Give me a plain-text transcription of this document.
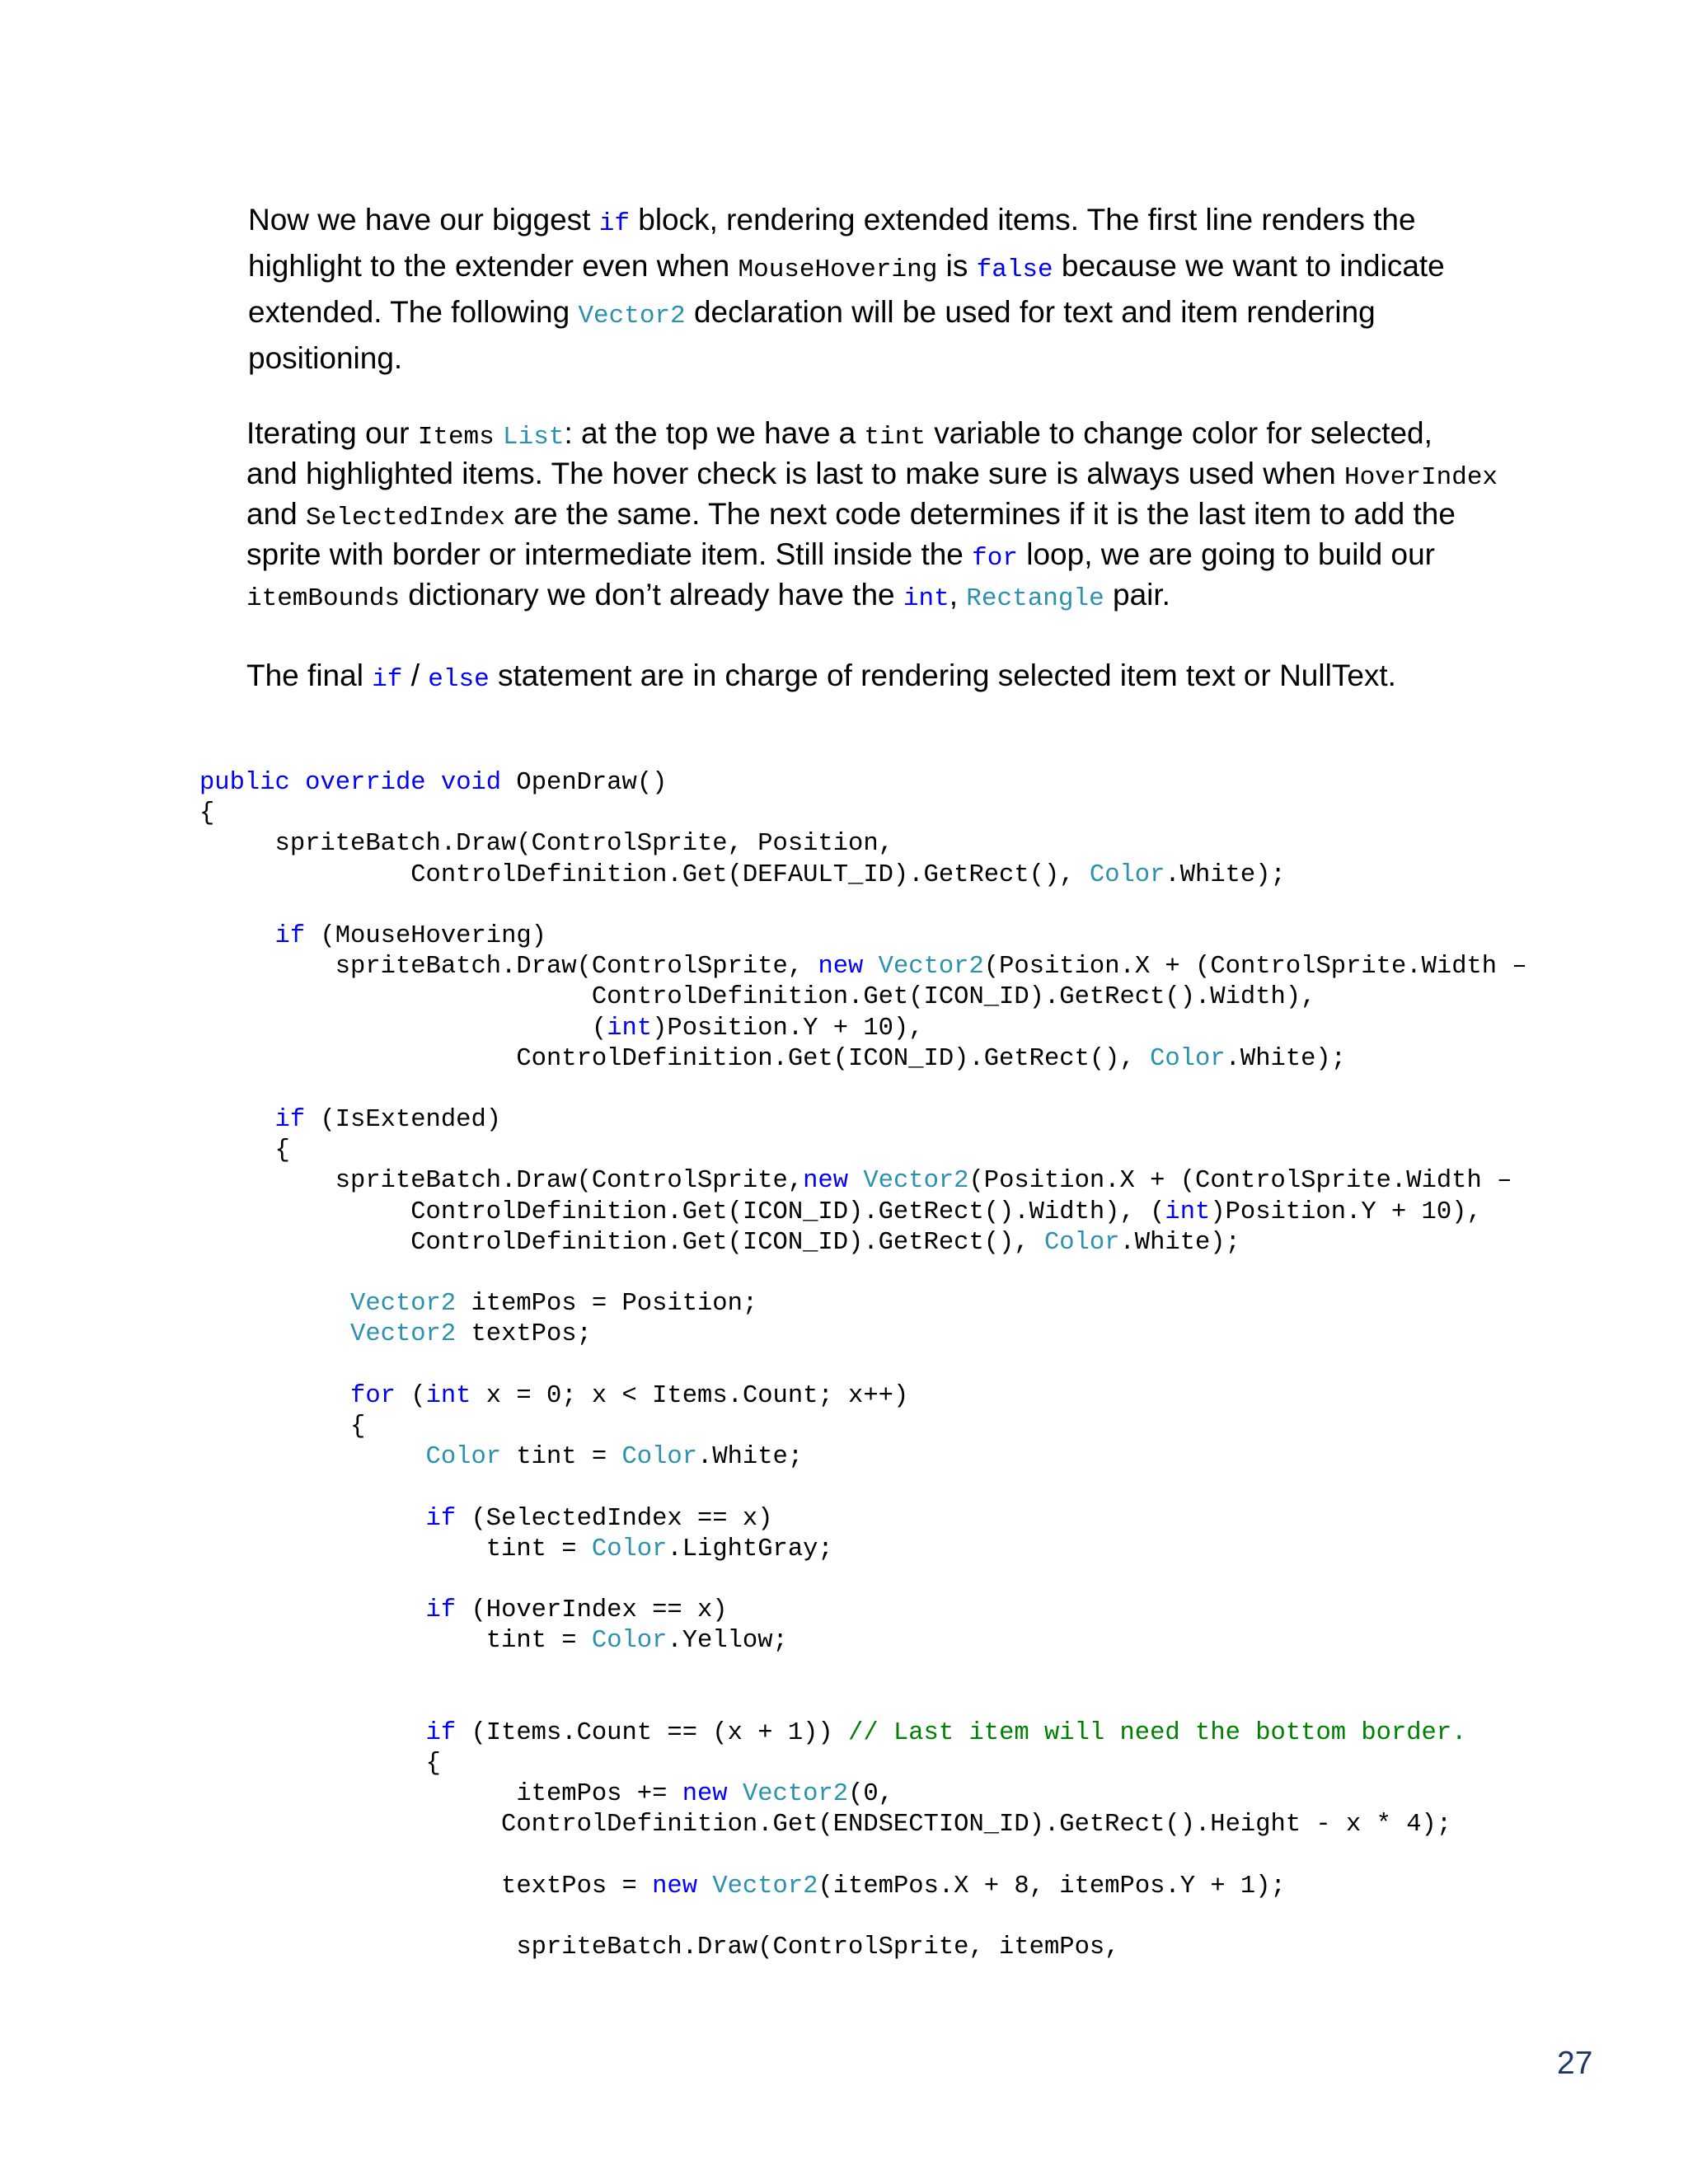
Now we have our biggest if block, rendering extended items. The first line renders the
highlight to the extender even when MouseHovering is false because we want to indicate
extended. The following Vector2 declaration will be used for text and item rendering
positioning.
Iterating our Items List: at the top we have a tint variable to change color for selected,
and highlighted items. The hover check is last to make sure is always used when HoverIndex
and SelectedIndex are the same. The next code determines if it is the last item to add the
sprite with border or intermediate item. Still inside the for loop, we are going to build our
itemBounds dictionary we don’t already have the int, Rectangle pair.
The final if / else statement are in charge of rendering selected item text or NullText.
public override void OpenDraw()
{
spriteBatch.Draw(ControlSprite, Position,
ControlDefinition.Get(DEFAULT_ID).GetRect(), Color.White);

if (MouseHovering)
spriteBatch.Draw(ControlSprite, new Vector2(Position.X + (ControlSprite.Width –
ControlDefinition.Get(ICON_ID).GetRect().Width),
(int)Position.Y + 10),
ControlDefinition.Get(ICON_ID).GetRect(), Color.White);

if (IsExtended)
{
spriteBatch.Draw(ControlSprite,new Vector2(Position.X + (ControlSprite.Width –
ControlDefinition.Get(ICON_ID).GetRect().Width), (int)Position.Y + 10),
ControlDefinition.Get(ICON_ID).GetRect(), Color.White);

Vector2 itemPos = Position;
Vector2 textPos;

for (int x = 0; x < Items.Count; x++)
{
Color tint = Color.White;

if (SelectedIndex == x)
tint = Color.LightGray;

if (HoverIndex == x)
tint = Color.Yellow;

if (Items.Count == (x + 1)) // Last item will need the bottom border.
{
itemPos += new Vector2(0,
ControlDefinition.Get(ENDSECTION_ID).GetRect().Height - x * 4);

textPos = new Vector2(itemPos.X + 8, itemPos.Y + 1);

spriteBatch.Draw(ControlSprite, itemPos,
27
